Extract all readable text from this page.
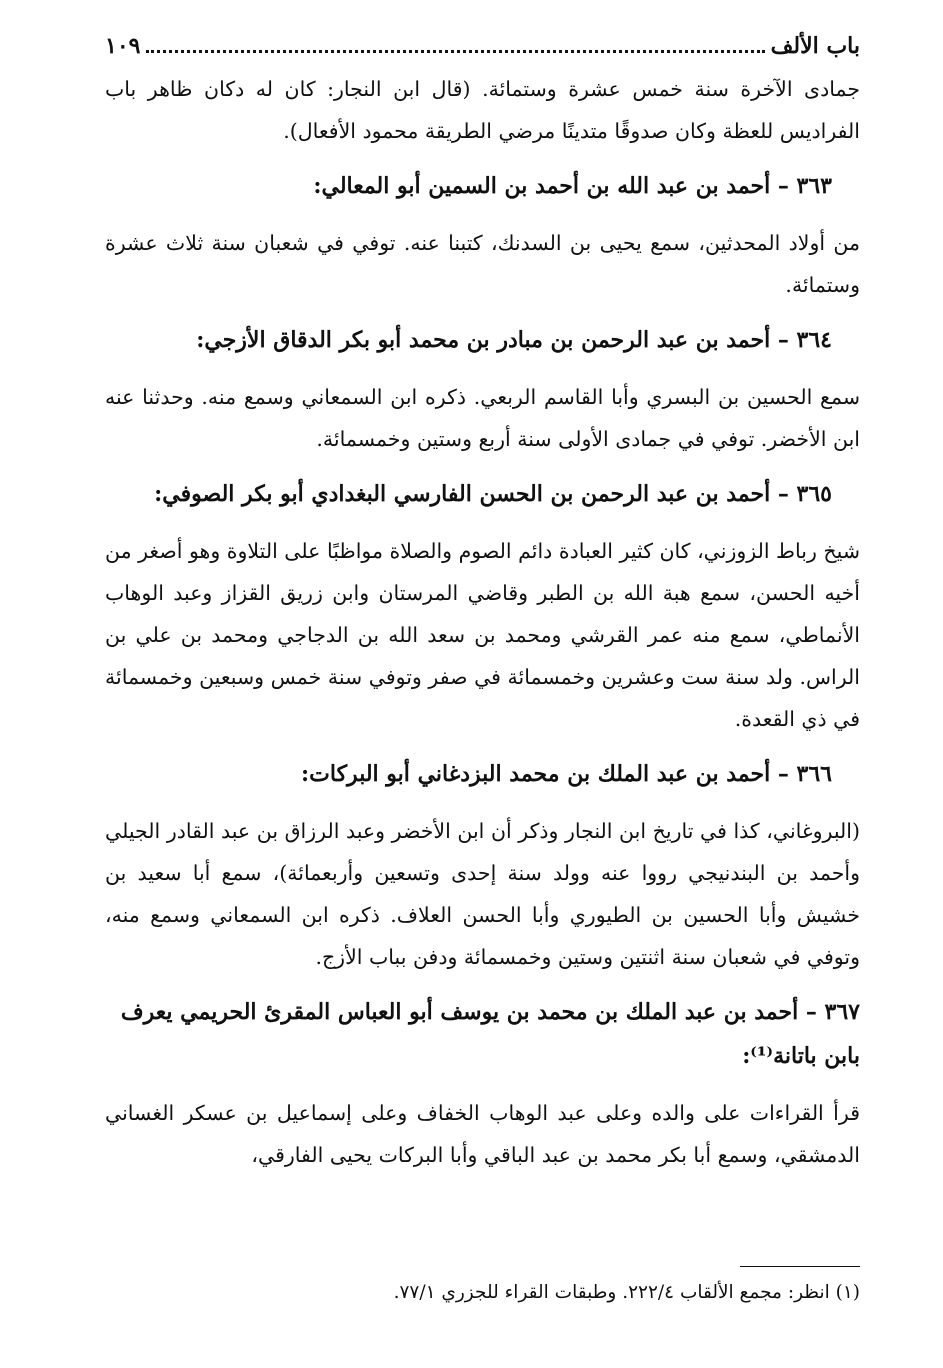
باب الألف
١٠٩

جمادى الآخرة سنة خمس عشرة وستمائة. (قال ابن النجار: كان له دكان ظاهر باب الفراديس للعظة وكان صدوقًا متدينًا مرضي الطريقة محمود الأفعال).

٣٦٣ – أحمد بن عبد الله بن أحمد بن السمين أبو المعالي:

من أولاد المحدثين، سمع يحيى بن السدنك، كتبنا عنه. توفي في شعبان سنة ثلاث عشرة وستمائة.

٣٦٤ – أحمد بن عبد الرحمن بن مبادر بن محمد أبو بكر الدقاق الأزجي:

سمع الحسين بن البسري وأبا القاسم الربعي. ذكره ابن السمعاني وسمع منه. وحدثنا عنه ابن الأخضر. توفي في جمادى الأولى سنة أربع وستين وخمسمائة.

٣٦٥ – أحمد بن عبد الرحمن بن الحسن الفارسي البغدادي أبو بكر الصوفي:

شيخ رباط الزوزني، كان كثير العبادة دائم الصوم والصلاة مواظبًا على التلاوة وهو أصغر من أخيه الحسن، سمع هبة الله بن الطبر وقاضي المرستان وابن زريق القزاز وعبد الوهاب الأنماطي، سمع منه عمر القرشي ومحمد بن سعد الله بن الدجاجي ومحمد بن علي بن الراس. ولد سنة ست وعشرين وخمسمائة في صفر وتوفي سنة خمس وسبعين وخمسمائة في ذي القعدة.

٣٦٦ – أحمد بن عبد الملك بن محمد البزدغاني أبو البركات:

(البروغاني، كذا في تاريخ ابن النجار وذكر أن ابن الأخضر وعبد الرزاق بن عبد القادر الجيلي وأحمد بن البندنيجي رووا عنه وولد سنة إحدى وتسعين وأربعمائة)، سمع أبا سعيد بن خشيش وأبا الحسين بن الطيوري وأبا الحسن العلاف. ذكره ابن السمعاني وسمع منه، وتوفي في شعبان سنة اثنتين وستين وخمسمائة ودفن بباب الأزج.

٣٦٧ – أحمد بن عبد الملك بن محمد بن يوسف أبو العباس المقرئ الحريمي يعرف بابن باتانة⁽¹⁾:

قرأ القراءات على والده وعلى عبد الوهاب الخفاف وعلى إسماعيل بن عسكر الغساني الدمشقي، وسمع أبا بكر محمد بن عبد الباقي وأبا البركات يحيى الفارقي،

(١) انظر: مجمع الألقاب ٢٢٢/٤. وطبقات القراء للجزري ٧٧/١.
